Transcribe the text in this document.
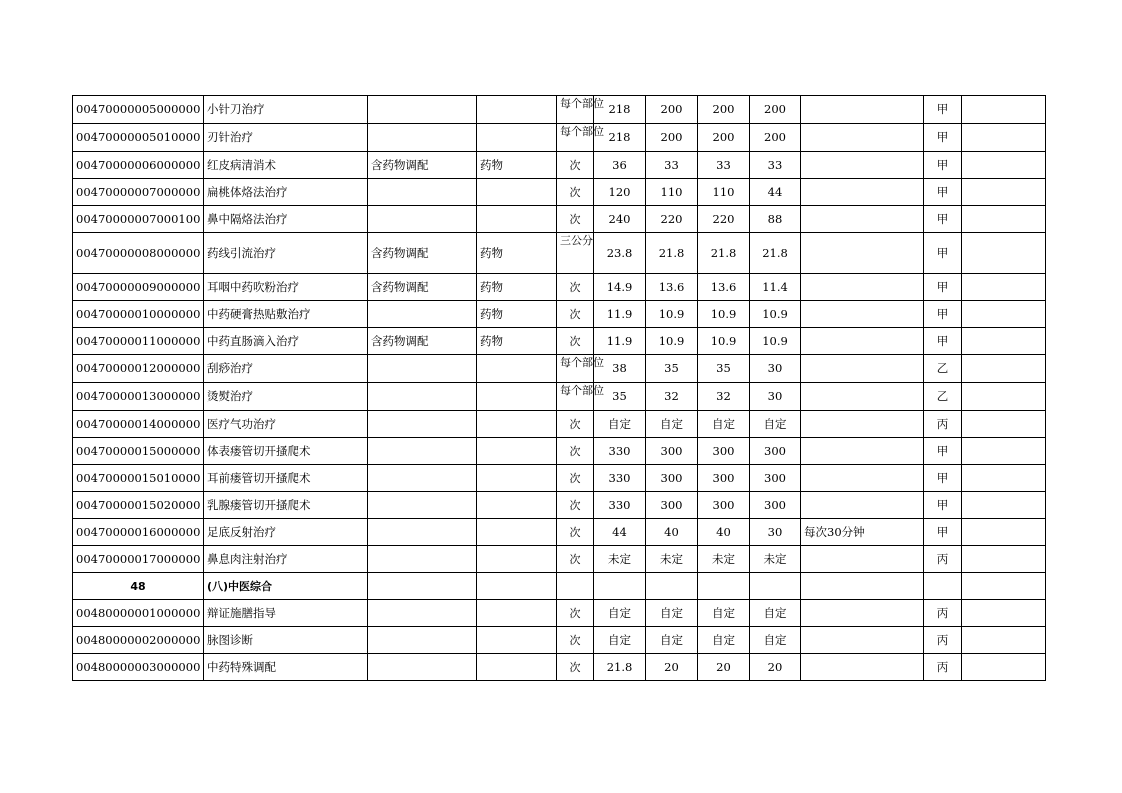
00470000005000000	小针刀治疗			每个部位	218	200	200	200		甲	
00470000005010000	刃针治疗			每个部位	218	200	200	200		甲	
00470000006000000	红皮病清消术	含药物调配	药物	次	36	33	33	33		甲	
00470000007000000	扁桃体烙法治疗			次	120	110	110	44		甲	
00470000007000100	鼻中隔烙法治疗			次	240	220	220	88		甲	
00470000008000000	药线引流治疗	含药物调配	药物	三公分	23.8	21.8	21.8	21.8		甲	
00470000009000000	耳咽中药吹粉治疗	含药物调配	药物	次	14.9	13.6	13.6	11.4		甲	
00470000010000000	中药硬膏热贴敷治疗		药物	次	11.9	10.9	10.9	10.9		甲	
00470000011000000	中药直肠滴入治疗	含药物调配	药物	次	11.9	10.9	10.9	10.9		甲	
00470000012000000	刮痧治疗			每个部位	38	35	35	30		乙	
00470000013000000	烫熨治疗			每个部位	35	32	32	30		乙	
00470000014000000	医疗气功治疗			次	自定	自定	自定	自定		丙	
00470000015000000	体表瘘管切开搔爬术			次	330	300	300	300		甲	
00470000015010000	耳前瘘管切开搔爬术			次	330	300	300	300		甲	
00470000015020000	乳腺瘘管切开搔爬术			次	330	300	300	300		甲	
00470000016000000	足底反射治疗			次	44	40	40	30	每次30分钟	甲	
00470000017000000	鼻息肉注射治疗			次	未定	未定	未定	未定		丙	
48	(八)中医综合										
00480000001000000	辩证施膳指导			次	自定	自定	自定	自定		丙	
00480000002000000	脉图诊断			次	自定	自定	自定	自定		丙	
00480000003000000	中药特殊调配			次	21.8	20	20	20		丙	
